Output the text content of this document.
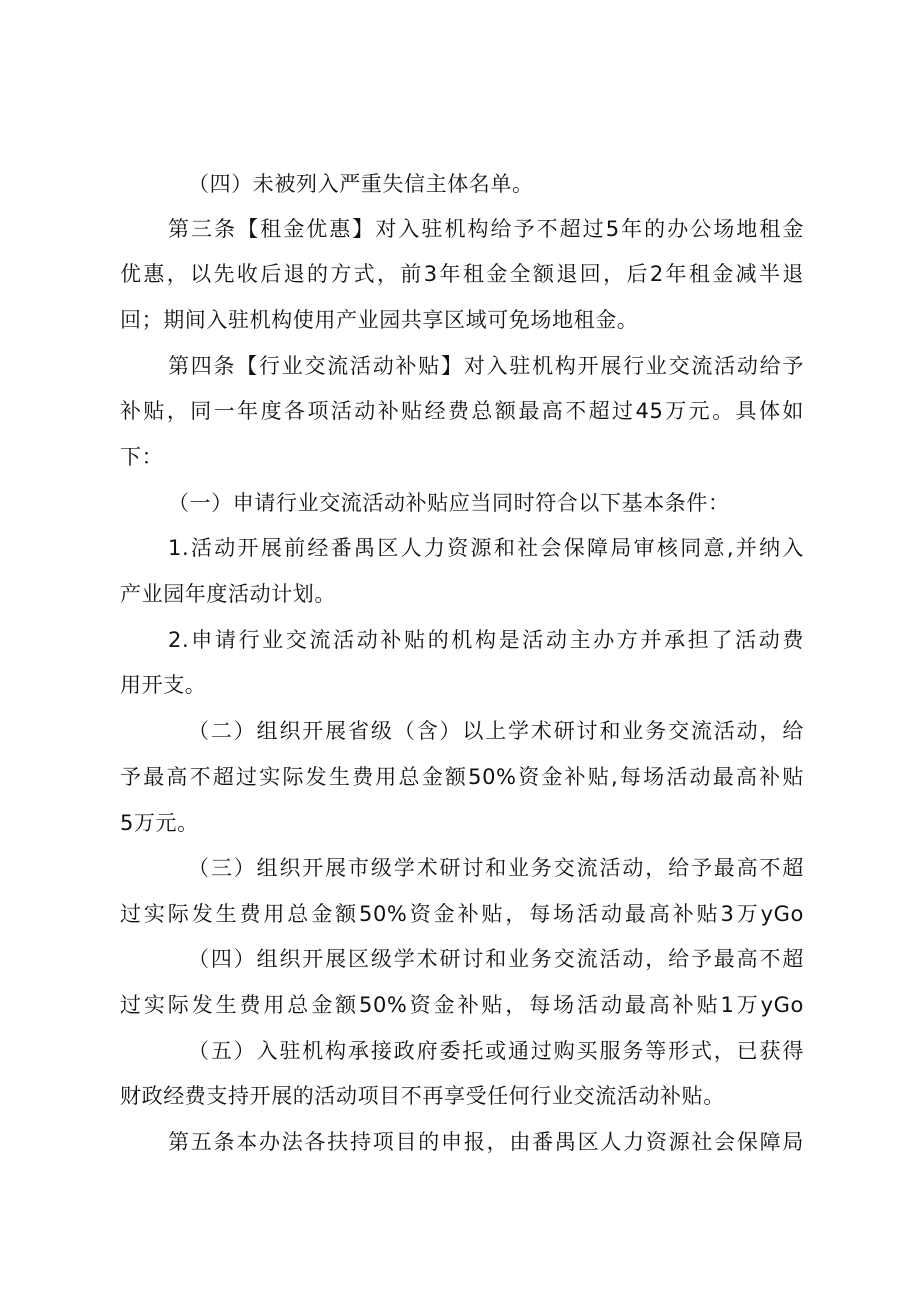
（四）未被列入严重失信主体名单。
第三条【租金优惠】对入驻机构给予不超过5年的办公场地租金
优惠，以先收后退的方式，前3年租金全额退回，后2年租金减半退
回；期间入驻机构使用产业园共享区域可免场地租金。
第四条【行业交流活动补贴】对入驻机构开展行业交流活动给予
补贴，同一年度各项活动补贴经费总额最高不超过45万元。具体如
下：
（一）申请行业交流活动补贴应当同时符合以下基本条件：
1.活动开展前经番禺区人力资源和社会保障局审核同意,并纳入
产业园年度活动计划。
2.申请行业交流活动补贴的机构是活动主办方并承担了活动费
用开支。
（二）组织开展省级（含）以上学术研讨和业务交流活动，给
予最高不超过实际发生费用总金额50%资金补贴,每场活动最高补贴
5万元。
（三）组织开展市级学术研讨和业务交流活动，给予最高不超
过实际发生费用总金额50%资金补贴，每场活动最高补贴3万yGo
（四）组织开展区级学术研讨和业务交流活动，给予最高不超
过实际发生费用总金额50%资金补贴，每场活动最高补贴1万yGo
（五）入驻机构承接政府委托或通过购买服务等形式，已获得
财政经费支持开展的活动项目不再享受任何行业交流活动补贴。
第五条本办法各扶持项目的申报，由番禺区人力资源社会保障局
